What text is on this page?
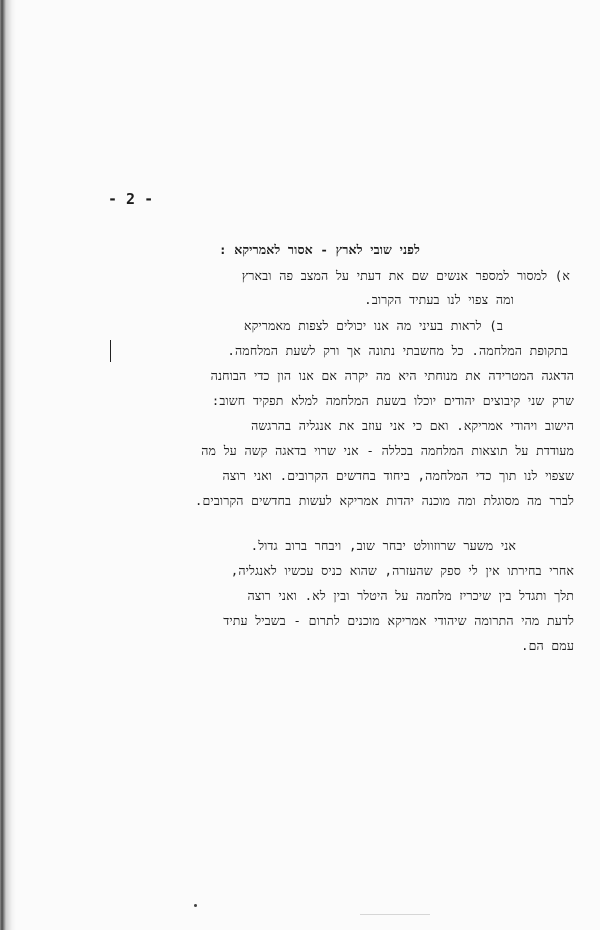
- 2 -
לפני שובי לארץ - אסור לאמריקא :
א) למסור למספר אנשים שם את דעתי על המצב פה ובארץ
ומה צפוי לנו בעתיד הקרוב.
ב) לראות בעיני מה אנו יכולים לצפות מאמריקא
בתקופת המלחמה. כל מחשבתי נתונה אך ורק לשעת המלחמה.
הדאגה המטרידה את מנוחתי היא מה יקרה אם אנו הון כדי הבוחנה
שרק שני קיבוצים יהודים יוכלו בשעת המלחמה למלא תפקיד חשוב:
הישוב ויהודי אמריקא. ואם כי אני עוזב את אנגליה בהרגשה
מעודדת על תוצאות המלחמה בכללה - אני שרוי בדאגה קשה על מה
שצפוי לנו תוך כדי המלחמה, ביחוד בחדשים הקרובים. ואני רוצה
לברר מה מסוגלת ומה מוכנה יהדות אמריקא לעשות בחדשים הקרובים.
אני משער שרוזוולט יבחר שוב, ויבחר ברוב גדול.
אחרי בחירתו אין לי ספק שהעזרה, שהוא כניס עכשיו לאנגליה,
תלך ותגדל בין שיכריז מלחמה על היטלר ובין לא. ואני רוצה
לדעת מהי התרומה שיהודי אמריקא מוכנים לתרום - בשביל עתיד
עמם הם.
